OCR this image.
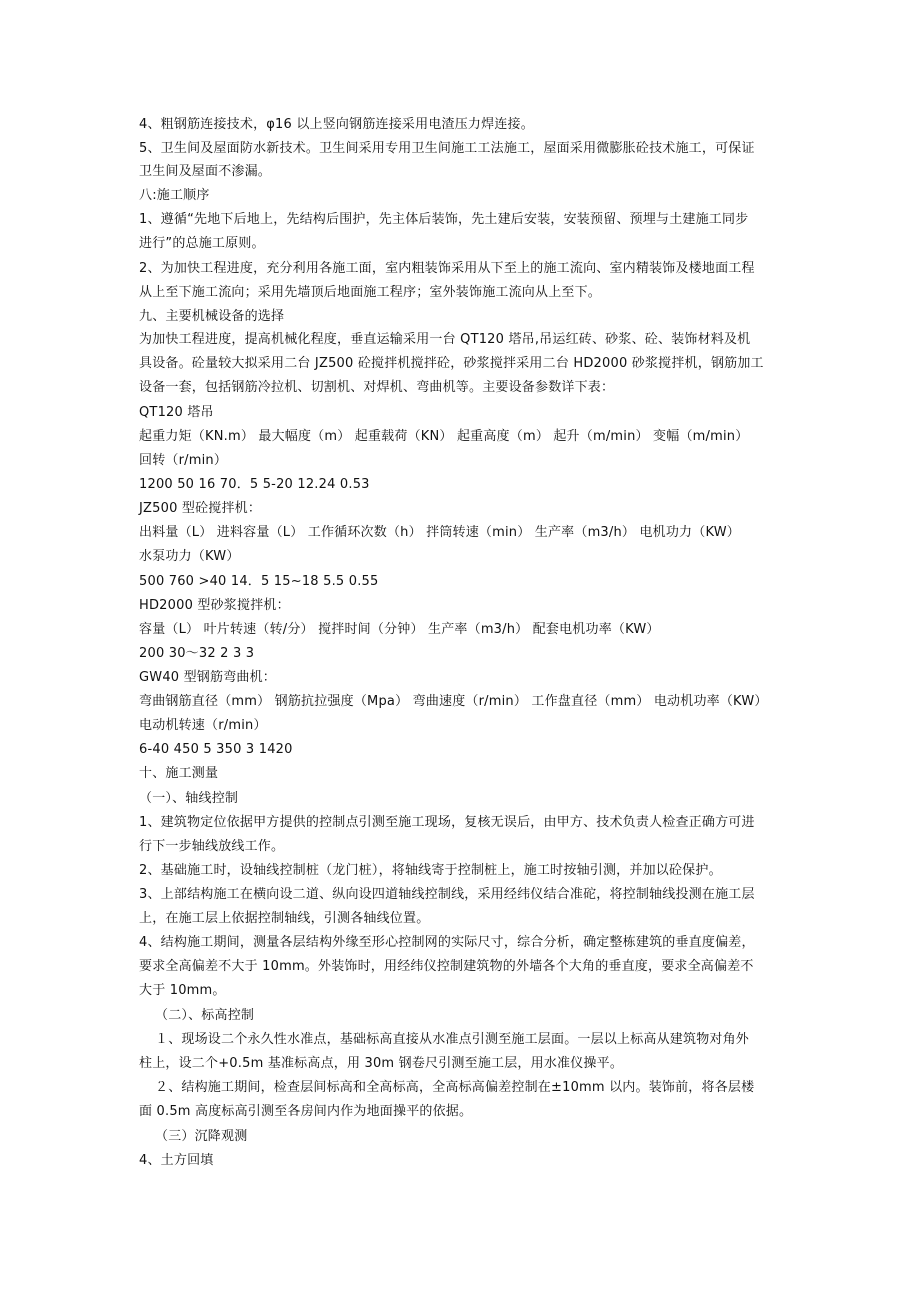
4、粗钢筋连接技术，φ16 以上竖向钢筋连接采用电渣压力焊连接。
5、卫生间及屋面防水新技术。卫生间采用专用卫生间施工工法施工，屋面采用微膨胀砼技术施工，可保证
卫生间及屋面不渗漏。
八:施工顺序
1、遵循“先地下后地上，先结构后围护，先主体后装饰，先土建后安装，安装预留、预埋与土建施工同步
进行”的总施工原则。
2、为加快工程进度，充分利用各施工面，室内粗装饰采用从下至上的施工流向、室内精装饰及楼地面工程
从上至下施工流向；采用先墙顶后地面施工程序；室外装饰施工流向从上至下。
九、主要机械设备的选择
为加快工程进度，提高机械化程度，垂直运输采用一台 QT120 塔吊,吊运红砖、砂浆、砼、装饰材料及机
具设备。砼量较大拟采用二台 JZ500 砼搅拌机搅拌砼，砂浆搅拌采用二台 HD2000 砂浆搅拌机，钢筋加工
设备一套，包括钢筋冷拉机、切割机、对焊机、弯曲机等。主要设备参数详下表：
QT120 塔吊
起重力矩（KN.m） 最大幅度（m） 起重载荷（KN） 起重高度（m） 起升（m/min） 变幅（m/min）
回转（r/min）
1200 50 16 70．5 5-20 12.24 0.53
JZ500 型砼搅拌机：
出料量（L） 进料容量（L） 工作循环次数（h） 拌筒转速（min） 生产率（m3/h） 电机功力（KW）
水泵功力（KW）
500 760 >40 14．5 15~18 5.5 0.55
HD2000 型砂浆搅拌机：
容量（L） 叶片转速（转/分） 搅拌时间（分钟） 生产率（m3/h） 配套电机功率（KW）
200 30～32 2 3 3
GW40 型钢筋弯曲机：
弯曲钢筋直径（mm） 钢筋抗拉强度（Mpa） 弯曲速度（r/min） 工作盘直径（mm） 电动机功率（KW）
电动机转速（r/min）
6-40 450 5 350 3 1420
十、施工测量
（一）、轴线控制
1、建筑物定位依据甲方提供的控制点引测至施工现场，复核无误后，由甲方、技术负责人检查正确方可进
行下一步轴线放线工作。
2、基础施工时，设轴线控制桩（龙门桩），将轴线寄于控制桩上，施工时按轴引测，并加以砼保护。
3、上部结构施工在横向设二道、纵向设四道轴线控制线，采用经纬仪结合准砣，将控制轴线投测在施工层
上，在施工层上依据控制轴线，引测各轴线位置。
4、结构施工期间，测量各层结构外缘至形心控制网的实际尺寸，综合分析，确定整栋建筑的垂直度偏差，
要求全高偏差不大于 10mm。外装饰时，用经纬仪控制建筑物的外墙各个大角的垂直度，要求全高偏差不
大于 10mm。
（二）、标高控制
１、现场设二个永久性水准点，基础标高直接从水准点引测至施工层面。一层以上标高从建筑物对角外
柱上，设二个+0.5m 基准标高点，用 30m 钢卷尺引测至施工层，用水准仪操平。
２、结构施工期间，检查层间标高和全高标高，全高标高偏差控制在±10mm 以内。装饰前，将各层楼
面 0.5m 高度标高引测至各房间内作为地面操平的依据。
（三）沉降观测
4、土方回填
